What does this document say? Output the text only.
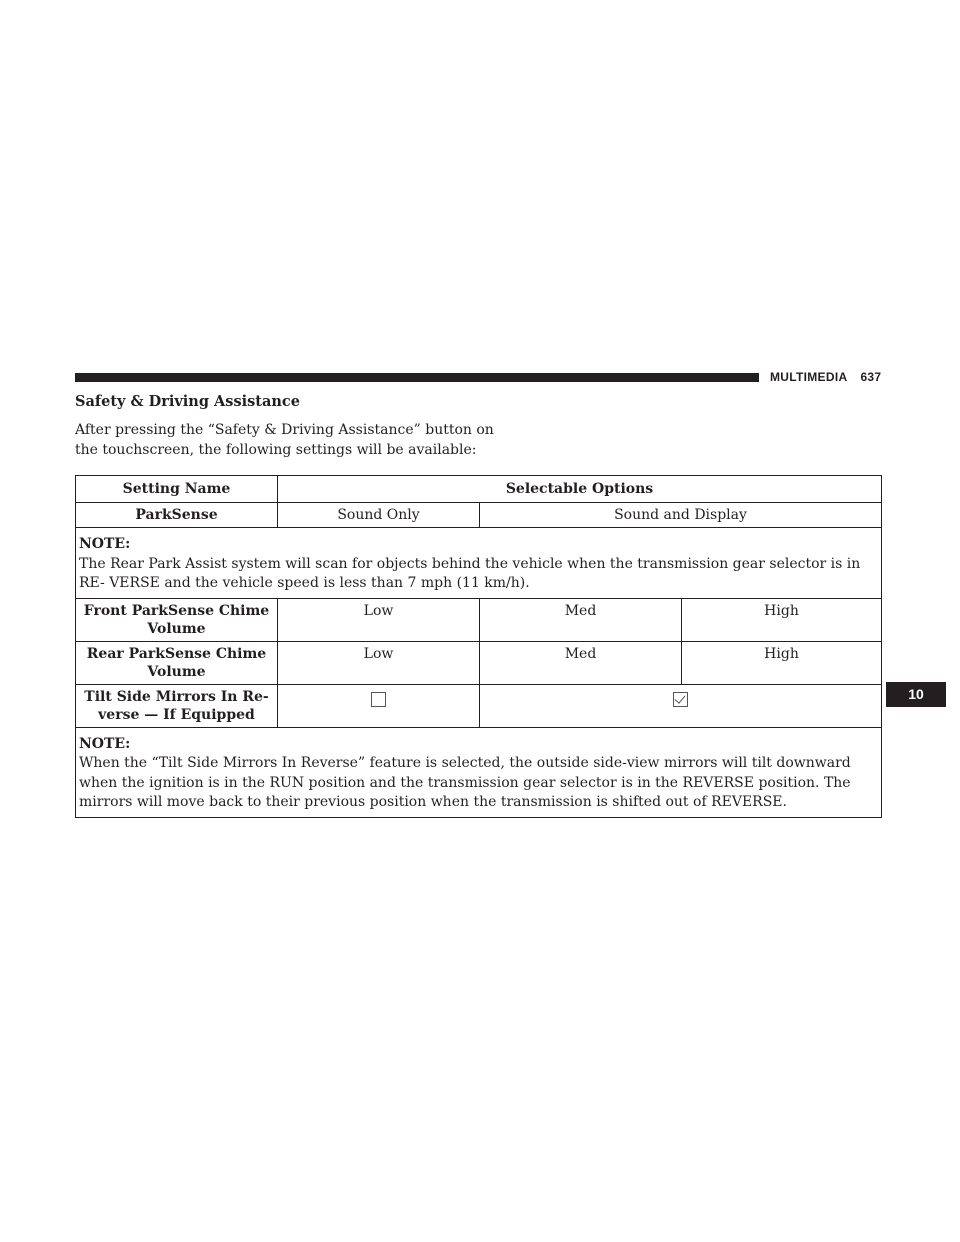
MULTIMEDIA 637
Safety & Driving Assistance

After pressing the “Safety & Driving Assistance” button on

the touchscreen, the following settings will be available:

Setting Name	Selectable Options		
ParkSense	Sound Only	Sound and Display	

NOTE:
The Rear Park Assist system will scan for objects behind the vehicle when the transmission gear selector is in RE- VERSE and the vehicle speed is less than 7 mph (11 km/h).			
Front ParkSense Chime
Volume	Low	Med	High
Rear ParkSense Chime
Volume	Low	Med	High
Tilt Side Mirrors In Re-
verse — If Equipped			

NOTE:
When the “Tilt Side Mirrors In Reverse” feature is selected, the outside side-view mirrors will tilt downward when the ignition is in the RUN position and the transmission gear selector is in the REVERSE position. The mirrors will move back to their previous position when the transmission is shifted out of REVERSE.			
10
